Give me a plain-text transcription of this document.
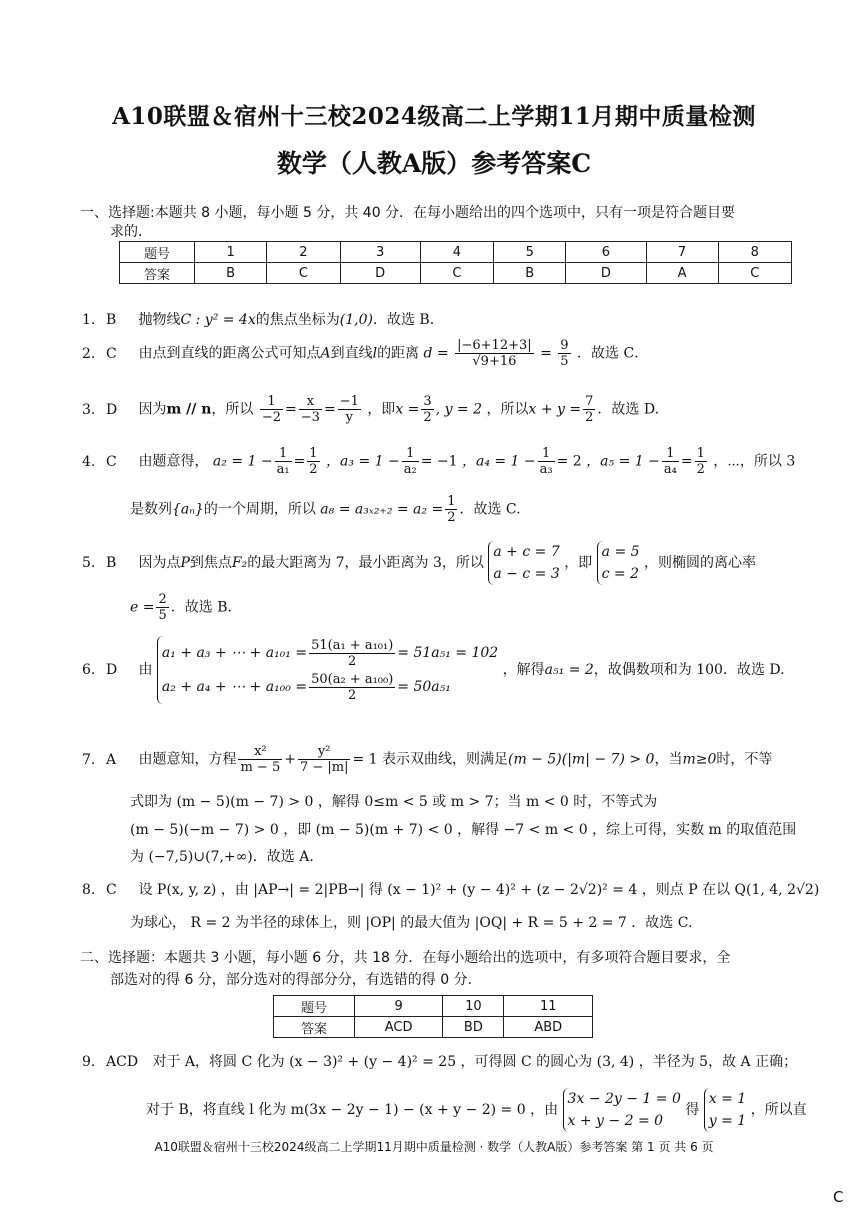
A10联盟＆宿州十三校2024级高二上学期11月期中质量检测
数学（人教A版）参考答案C
一、选择题:本题共 8 小题，每小题 5 分，共 40 分．在每小题给出的四个选项中，只有一项是符合题目要
求的．
题号	1	2	3	4	5	6	7	8
答案	B	C	D	C	B	D	A	C
1. B 抛物线C : y² = 4x的焦点坐标为(1,0)．故选 B.
2. C 由点到直线的距离公式可知点A到直线l的距离 $d = \frac{|-6+12+3|}{√9+16} = \frac{9}{5}$ ．故选 C．
3. D 因为m // n，所以 $\frac{1}{-2} = \frac{x}{-3} = \frac{-1}{y}$ ，即$x = \frac{3}{2}$ , y = 2 ，所以$x + y = \frac{7}{2}$ ．故选 D.
4. C 由题意得， $a_2 = 1 - \frac{1}{\text{a₁}} = \frac{1}{2}$ ，$a_3 = 1 - \frac{1}{\text{a₂}} = -1$ ，$a_4 = 1 - \frac{1}{\text{a₃}} = 2$ ，$a_5 = 1 - \frac{1}{\text{a₄}} = \frac{1}{2}$ ，⋯，所以 3
是数列{aₙ}的一个周期，所以 $a_8 = a_{3x2+2} = a_2 = \frac{1}{2}$ ．故选 C.
5. B 因为点P到焦点F₂的最大距离为 7，最小距离为 3，所以
a + c = 7
a − c = 3
，即
a = 5
c = 2
，则椭圆的离心率
$e = \frac{2}{5}$ ．故选 B.
6. D 由
a₁ + a₃ + ⋯ + $a_{101} = \frac{\text{51(a₁ + a₁₀₁)}}{2} = 51a_{51} = 102$
a₂ + a₄ + ⋯ + $a_{100} = \frac{\text{50(a₂ + a₁₀₀)}}{2} = 50a_{51}$
，解得a₅₁ = 2，故偶数项和为 100．故选 D.
7. A 由题意知，方程 $\frac{\text{x²}}{m - 5} + \frac{\text{y²}}{7 - |m|} = 1$ 表示双曲线，则满足(m − 5)(|m| − 7) > 0，当m≥0时，不等
式即为 (m − 5)(m − 7) > 0 ，解得 0≤m < 5 或 m > 7；当 m < 0 时，不等式为
(m − 5)(−m − 7) > 0 ，即 (m − 5)(m + 7) < 0 ，解得 −7 < m < 0 ，综上可得，实数 m 的取值范围
为 (−7,5)∪(7,+∞)．故选 A.
8. C 设 P(x, y, z) ，由 |AP→| = 2|PB→| 得 (x − 1)² + (y − 4)² + (z − 2√2)² = 4 ，则点 P 在以 Q(1, 4, 2√2)
为球心， R = 2 为半径的球体上，则 |OP| 的最大值为 |OQ| + R = 5 + 2 = 7 ．故选 C.
二、选择题：本题共 3 小题，每小题 6 分，共 18 分．在每小题给出的选项中，有多项符合题目要求，全
部选对的得 6 分，部分选对的得部分分，有选错的得 0 分．
题号	9	10	11
答案	ACD	BD	ABD
9. ACD 对于 A，将圆 C 化为 (x − 3)² + (y − 4)² = 25 ，可得圆 C 的圆心为 (3, 4) ，半径为 5，故 A 正确；
对于 B，将直线 l 化为 m(3x − 2y − 1) − (x + y − 2) = 0 ，由
3x − 2y − 1 = 0
x + y − 2 = 0
得
x = 1
y = 1
，所以直
A10联盟＆宿州十三校2024级高二上学期11月期中质量检测 · 数学（人教A版）参考答案 第 1 页 共 6 页
C
